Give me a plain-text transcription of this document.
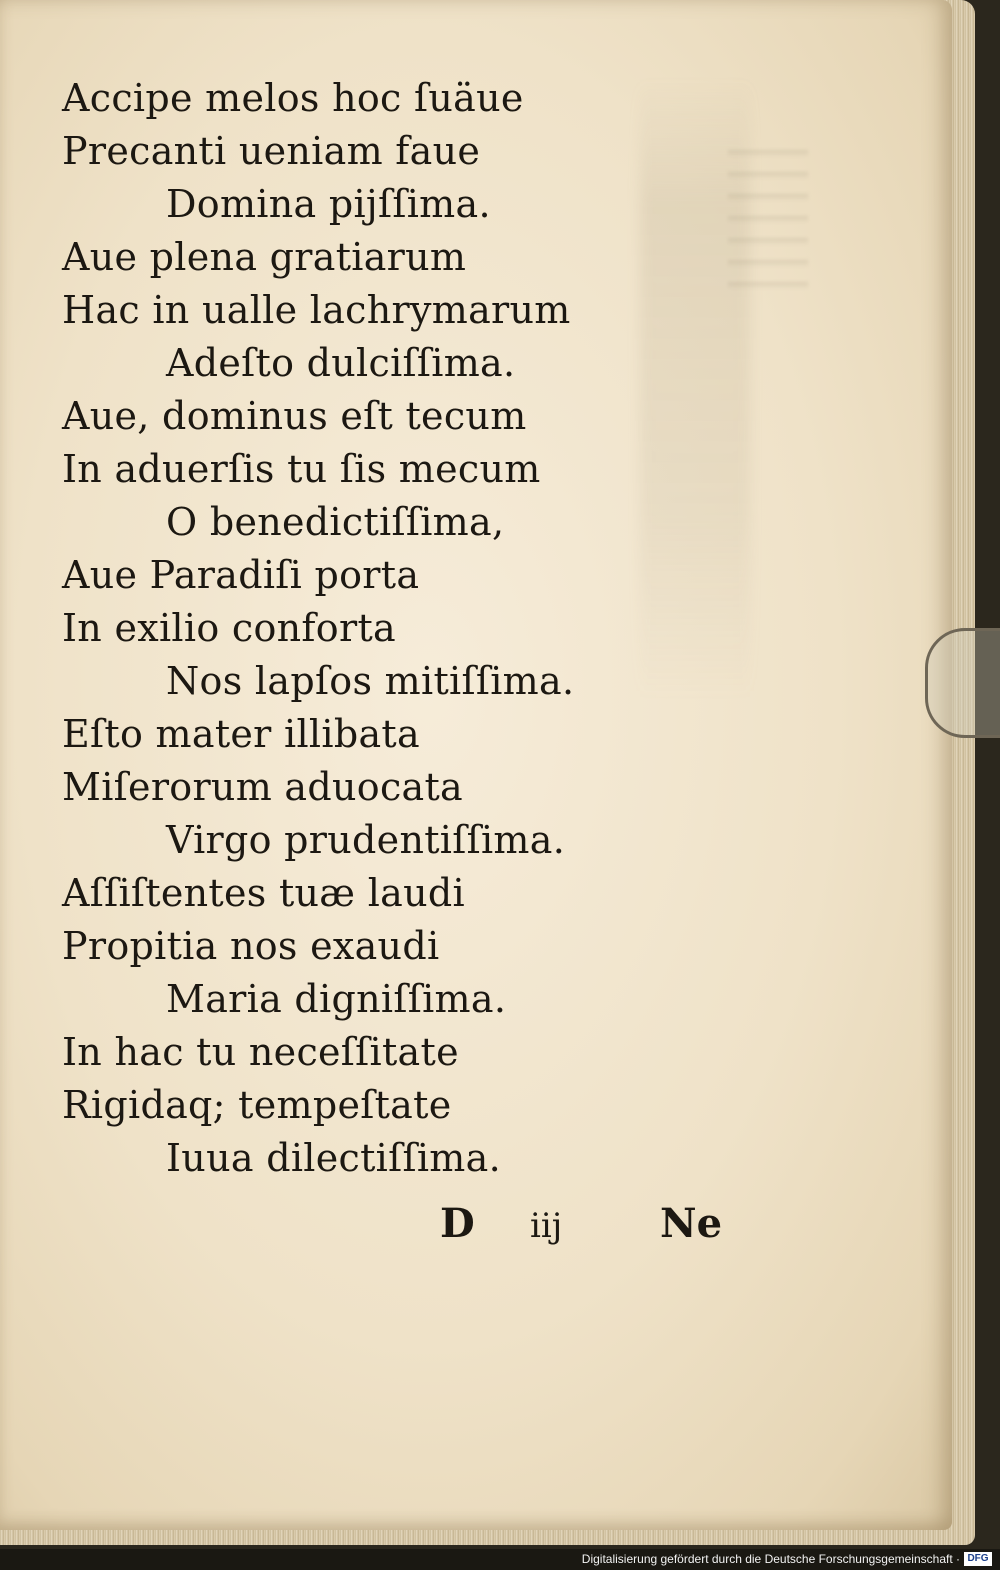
Accipe melos hoc ſuäue
Precanti ueniam faue
Domina pijſſima.
Aue plena gratiarum
Hac in ualle lachrymarum
Adeſto dulciſſima.
Aue, dominus eſt tecum
In aduerſis tu ſis mecum
O benedictiſſima,
Aue Paradiſi porta
In exilio conforta
Nos lapſos mitiſſima.
Eſto mater illibata
Miſerorum aduocata
Virgo prudentiſſima.
Aſſiſtentes tuæ laudi
Propitia nos exaudi
Maria digniſſima.
In hac tu neceſſitate
Rigidaq; tempeſtate
Iuua dilectiſſima.
D iij Ne
Digitalisierung gefördert durch die Deutsche Forschungsgemeinschaft · DFG
